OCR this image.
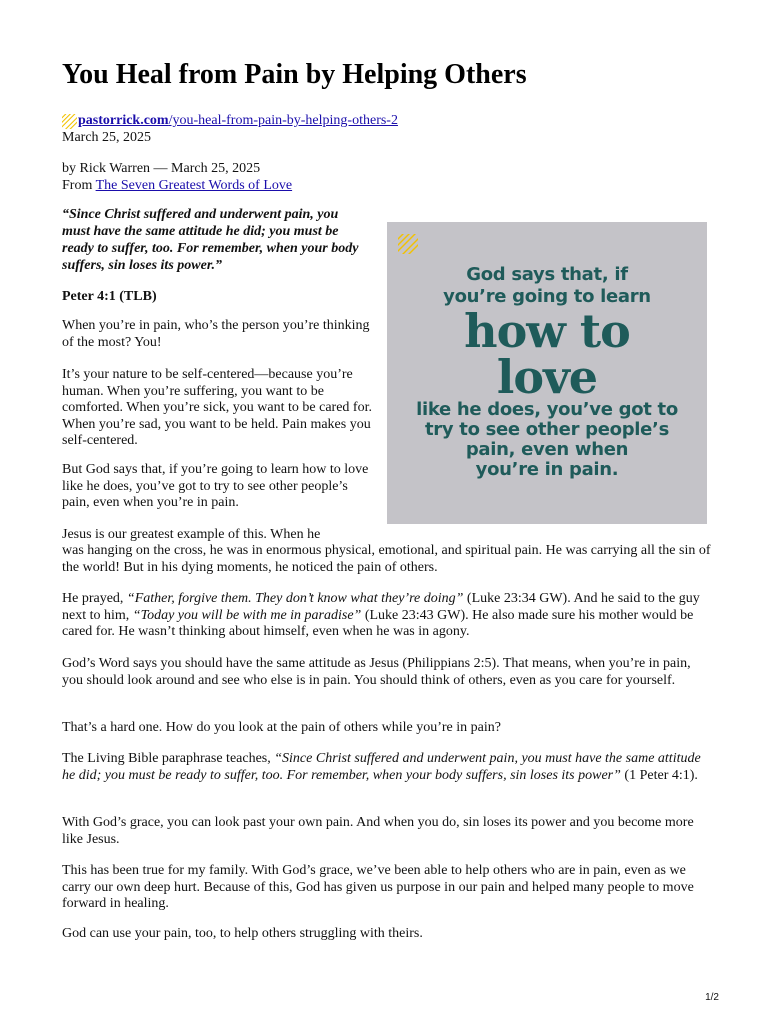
You Heal from Pain by Helping Others
pastorrick.com/you-heal-from-pain-by-helping-others-2
March 25, 2025
by Rick Warren — March 25, 2025
From The Seven Greatest Words of Love
“Since Christ suffered and underwent pain, you must have the same attitude he did; you must be ready to suffer, too. For remember, when your body suffers, sin loses its power.”
Peter 4:1 (TLB)

When you’re in pain, who’s the person you’re thinking of the most? You!

It’s your nature to be self-centered—because you’re human. When you’re suffering, you want to be comforted. When you’re sick, you want to be cared for. When you’re sad, you want to be held. Pain makes you self-centered.

But God says that, if you’re going to learn how to love like he does, you’ve got to try to see other people’s pain, even when you’re in pain.

Jesus is our greatest example of this. When he

was hanging on the cross, he was in enormous physical, emotional, and spiritual pain. He was carrying all the sin of the world! But in his dying moments, he noticed the pain of others.

He prayed, “Father, forgive them. They don’t know what they’re doing” (Luke 23:34 GW). And he said to the guy next to him, “Today you will be with me in paradise” (Luke 23:43 GW). He also made sure his mother would be cared for. He wasn’t thinking about himself, even when he was in agony.

God’s Word says you should have the same attitude as Jesus (Philippians 2:5). That means, when you’re in pain, you should look around and see who else is in pain. You should think of others, even as you care for yourself.

That’s a hard one. How do you look at the pain of others while you’re in pain?

The Living Bible paraphrase teaches, “Since Christ suffered and underwent pain, you must have the same attitude he did; you must be ready to suffer, too. For remember, when your body suffers, sin loses its power” (1 Peter 4:1).

With God’s grace, you can look past your own pain. And when you do, sin loses its power and you become more like Jesus.

This has been true for my family. With God’s grace, we’ve been able to help others who are in pain, even as we carry our own deep hurt. Because of this, God has given us purpose in our pain and helped many people to move forward in healing.

God can use your pain, too, to help others struggling with theirs.

God says that, if
you’re going to learn
how to
love
like he does, you’ve got to
try to see other people’s
pain, even when
you’re in pain.
1/2
